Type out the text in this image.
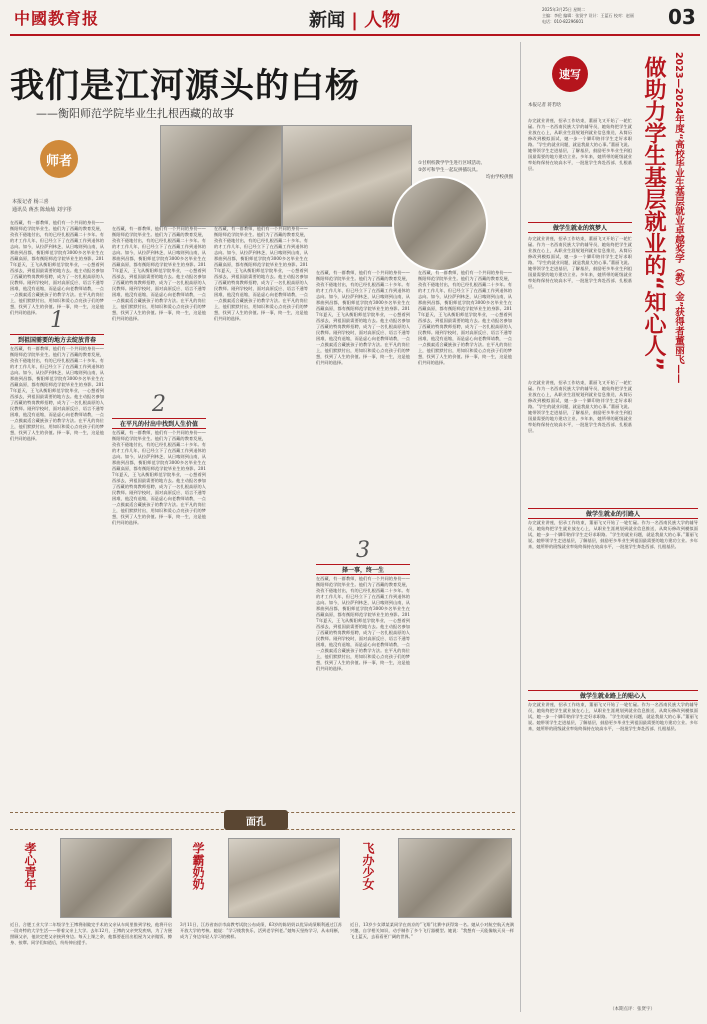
中國教育报	新闻 | 人物
2025年3月25日 星期二
主编：李伦 编辑：张贤宇 设计：王蓝石 校对：赵丽
电话：010-82296601	03
我们是江河源头的白杨
——衡阳师范学院毕业生扎根西藏的故事
师者
本报记者 杨三喜
通讯员 蒋杰 陈灿灿 刘宇彤
①甘则校教学学生进行区域活动。
②彭可和学生一起玩拼插玩具。
均由学校供图
在西藏，有一群教师，他们有一个共同的身份——衡阳师范学院毕业生。他们为了西藏的教育发展，孜孜不倦地付出，有的已经扎根西藏二十多年。有的才工作几年，但已经立下了在西藏工作到退休的志向。如今，从拉萨到林芝，从日喀则到山南，从那曲到昌都，衡阳师范学院有3000多名毕业生在西藏高原，都有衡阳师范学院毕业生的身影。2017年夏天，王飞从衡阳师范学院毕业，一心想着到西部去，到祖国最需要的地方去。他主动报名参加了西藏的特岗教师招聘，成为了一名扎根高原的人民教师。刚到学校时，面对高原反应、语言不通等困难，他没有退缩，而是虚心向老教师请教，一点一点摸索适合藏族孩子的教学方法。在平凡的岗位上，他们默默付出，用知识和爱心点亮孩子们的梦想，找到了人生的价值。择一事，终一生，这是他们共同的选择。 1
到祖国需要的地方去绽放青春
在西藏，有一群教师，他们有一个共同的身份——衡阳师范学院毕业生。他们为了西藏的教育发展，孜孜不倦地付出，有的已经扎根西藏二十多年。有的才工作几年，但已经立下了在西藏工作到退休的志向。如今，从拉萨到林芝，从日喀则到山南，从那曲到昌都，衡阳师范学院有3000多名毕业生在西藏高原，都有衡阳师范学院毕业生的身影。2017年夏天，王飞从衡阳师范学院毕业，一心想着到西部去，到祖国最需要的地方去。他主动报名参加了西藏的特岗教师招聘，成为了一名扎根高原的人民教师。刚到学校时，面对高原反应、语言不通等困难，他没有退缩，而是虚心向老教师请教，一点一点摸索适合藏族孩子的教学方法。在平凡的岗位上，他们默默付出，用知识和爱心点亮孩子们的梦想，找到了人生的价值。择一事，终一生，这是他们共同的选择。
在西藏，有一群教师，他们有一个共同的身份——衡阳师范学院毕业生。他们为了西藏的教育发展，孜孜不倦地付出，有的已经扎根西藏二十多年。有的才工作几年，但已经立下了在西藏工作到退休的志向。如今，从拉萨到林芝，从日喀则到山南，从那曲到昌都，衡阳师范学院有3000多名毕业生在西藏高原，都有衡阳师范学院毕业生的身影。2017年夏天，王飞从衡阳师范学院毕业，一心想着到西部去，到祖国最需要的地方去。他主动报名参加了西藏的特岗教师招聘，成为了一名扎根高原的人民教师。刚到学校时，面对高原反应、语言不通等困难，他没有退缩，而是虚心向老教师请教，一点一点摸索适合藏族孩子的教学方法。在平凡的岗位上，他们默默付出，用知识和爱心点亮孩子们的梦想，找到了人生的价值。择一事，终一生，这是他们共同的选择。
2
在平凡的付出中找到人生价值
在西藏，有一群教师，他们有一个共同的身份——衡阳师范学院毕业生。他们为了西藏的教育发展，孜孜不倦地付出，有的已经扎根西藏二十多年。有的才工作几年，但已经立下了在西藏工作到退休的志向。如今，从拉萨到林芝，从日喀则到山南，从那曲到昌都，衡阳师范学院有3000多名毕业生在西藏高原，都有衡阳师范学院毕业生的身影。2017年夏天，王飞从衡阳师范学院毕业，一心想着到西部去，到祖国最需要的地方去。他主动报名参加了西藏的特岗教师招聘，成为了一名扎根高原的人民教师。刚到学校时，面对高原反应、语言不通等困难，他没有退缩，而是虚心向老教师请教，一点一点摸索适合藏族孩子的教学方法。在平凡的岗位上，他们默默付出，用知识和爱心点亮孩子们的梦想，找到了人生的价值。择一事，终一生，这是他们共同的选择。
在西藏，有一群教师，他们有一个共同的身份——衡阳师范学院毕业生。他们为了西藏的教育发展，孜孜不倦地付出，有的已经扎根西藏二十多年。有的才工作几年，但已经立下了在西藏工作到退休的志向。如今，从拉萨到林芝，从日喀则到山南，从那曲到昌都，衡阳师范学院有3000多名毕业生在西藏高原，都有衡阳师范学院毕业生的身影。2017年夏天，王飞从衡阳师范学院毕业，一心想着到西部去，到祖国最需要的地方去。他主动报名参加了西藏的特岗教师招聘，成为了一名扎根高原的人民教师。刚到学校时，面对高原反应、语言不通等困难，他没有退缩，而是虚心向老教师请教，一点一点摸索适合藏族孩子的教学方法。在平凡的岗位上，他们默默付出，用知识和爱心点亮孩子们的梦想，找到了人生的价值。择一事，终一生，这是他们共同的选择。
在西藏，有一群教师，他们有一个共同的身份——衡阳师范学院毕业生。他们为了西藏的教育发展，孜孜不倦地付出，有的已经扎根西藏二十多年。有的才工作几年，但已经立下了在西藏工作到退休的志向。如今，从拉萨到林芝，从日喀则到山南，从那曲到昌都，衡阳师范学院有3000多名毕业生在西藏高原，都有衡阳师范学院毕业生的身影。2017年夏天，王飞从衡阳师范学院毕业，一心想着到西部去，到祖国最需要的地方去。他主动报名参加了西藏的特岗教师招聘，成为了一名扎根高原的人民教师。刚到学校时，面对高原反应、语言不通等困难，他没有退缩，而是虚心向老教师请教，一点一点摸索适合藏族孩子的教学方法。在平凡的岗位上，他们默默付出，用知识和爱心点亮孩子们的梦想，找到了人生的价值。择一事，终一生，这是他们共同的选择。
3
择一事，终一生
在西藏，有一群教师，他们有一个共同的身份——衡阳师范学院毕业生。他们为了西藏的教育发展，孜孜不倦地付出，有的已经扎根西藏二十多年。有的才工作几年，但已经立下了在西藏工作到退休的志向。如今，从拉萨到林芝，从日喀则到山南，从那曲到昌都，衡阳师范学院有3000多名毕业生在西藏高原，都有衡阳师范学院毕业生的身影。2017年夏天，王飞从衡阳师范学院毕业，一心想着到西部去，到祖国最需要的地方去。他主动报名参加了西藏的特岗教师招聘，成为了一名扎根高原的人民教师。刚到学校时，面对高原反应、语言不通等困难，他没有退缩，而是虚心向老教师请教，一点一点摸索适合藏族孩子的教学方法。在平凡的岗位上，他们默默付出，用知识和爱心点亮孩子们的梦想，找到了人生的价值。择一事，终一生，这是他们共同的选择。
在西藏，有一群教师，他们有一个共同的身份——衡阳师范学院毕业生。他们为了西藏的教育发展，孜孜不倦地付出，有的已经扎根西藏二十多年。有的才工作几年，但已经立下了在西藏工作到退休的志向。如今，从拉萨到林芝，从日喀则到山南，从那曲到昌都，衡阳师范学院有3000多名毕业生在西藏高原，都有衡阳师范学院毕业生的身影。2017年夏天，王飞从衡阳师范学院毕业，一心想着到西部去，到祖国最需要的地方去。他主动报名参加了西藏的特岗教师招聘，成为了一名扎根高原的人民教师。刚到学校时，面对高原反应、语言不通等困难，他没有退缩，而是虚心向老教师请教，一点一点摸索适合藏族孩子的教学方法。在平凡的岗位上，他们默默付出，用知识和爱心点亮孩子们的梦想，找到了人生的价值。择一事，终一生，这是他们共同的选择。
速写
本报记者 蒋若晗	2023—2024年度“高校毕业生基层就业卓越奖学（教）金”获得者董丽飞——
做助力学生基层就业的“知心人”
办完就业讲座，招录工作结束，董丽飞又开始了一轮忙碌。作为一名西南民族大学的辅导员，她始终把学生就业放在心上，从职业生涯规划到就业信息推送，从简历修改到模拟面试，她一步一个脚印陪伴学生走好求职路。“学生的就业问题，就是我最大的心事。”董丽飞说。她带领学生走进基层，了解基层，鼓励更多毕业生到祖国最需要的地方建功立业。多年来，她所带的班级就业率始终保持在较高水平，一批批学生奔赴西部、扎根基层。
做学生就业的筑梦人
办完就业讲座，招录工作结束，董丽飞又开始了一轮忙碌。作为一名西南民族大学的辅导员，她始终把学生就业放在心上，从职业生涯规划到就业信息推送，从简历修改到模拟面试，她一步一个脚印陪伴学生走好求职路。“学生的就业问题，就是我最大的心事。”董丽飞说。她带领学生走进基层，了解基层，鼓励更多毕业生到祖国最需要的地方建功立业。多年来，她所带的班级就业率始终保持在较高水平，一批批学生奔赴西部、扎根基层。
办完就业讲座，招录工作结束，董丽飞又开始了一轮忙碌。作为一名西南民族大学的辅导员，她始终把学生就业放在心上，从职业生涯规划到就业信息推送，从简历修改到模拟面试，她一步一个脚印陪伴学生走好求职路。“学生的就业问题，就是我最大的心事。”董丽飞说。她带领学生走进基层，了解基层，鼓励更多毕业生到祖国最需要的地方建功立业。多年来，她所带的班级就业率始终保持在较高水平，一批批学生奔赴西部、扎根基层。
做学生就业的引路人
办完就业讲座，招录工作结束，董丽飞又开始了一轮忙碌。作为一名西南民族大学的辅导员，她始终把学生就业放在心上，从职业生涯规划到就业信息推送，从简历修改到模拟面试，她一步一个脚印陪伴学生走好求职路。“学生的就业问题，就是我最大的心事。”董丽飞说。她带领学生走进基层，了解基层，鼓励更多毕业生到祖国最需要的地方建功立业。多年来，她所带的班级就业率始终保持在较高水平，一批批学生奔赴西部、扎根基层。
做学生就业路上的贴心人
办完就业讲座，招录工作结束，董丽飞又开始了一轮忙碌。作为一名西南民族大学的辅导员，她始终把学生就业放在心上，从职业生涯规划到就业信息推送，从简历修改到模拟面试，她一步一个脚印陪伴学生走好求职路。“学生的就业问题，就是我最大的心事。”董丽飞说。她带领学生走进基层，了解基层，鼓励更多毕业生到祖国最需要的地方建功立业。多年来，她所带的班级就业率始终保持在较高水平，一批批学生奔赴西部、扎根基层。
（本期点评：张贤宇）
面孔
孝心青年
近日，合肥工业大学二年级学生王博将刚做完手术的父亲从车间里推到学校，他将开启一段奇特的大学生活——带着父亲上大学。去年12月，王博的父亲突发疾病，为了方便照顾父亲，他决定把父亲接到身边。每天上课之余，他都要赶回出租屋为父亲做饭、擦身、按摩。同学们知道后，纷纷伸出援手。
学霸奶奶
3月11日，江苏省南京市高教考试院公布成绩，63岁的陈奶奶以优异成绩顺利通过江苏开放大学的考核。她说：“学习使我快乐，活到老学到老。”她每天坚持学习，从未间断，成为了身边年轻人学习的榜样。
飞办少女
近日，13岁少女谭某某同学在南京的“飞翔”比赛中获得第一名。她从小对航空航天充满兴趣，自学相关知识，动手制作了多个飞行器模型。她说：“我想有一天能像航天员一样飞上蓝天，去看看更广阔的世界。”
